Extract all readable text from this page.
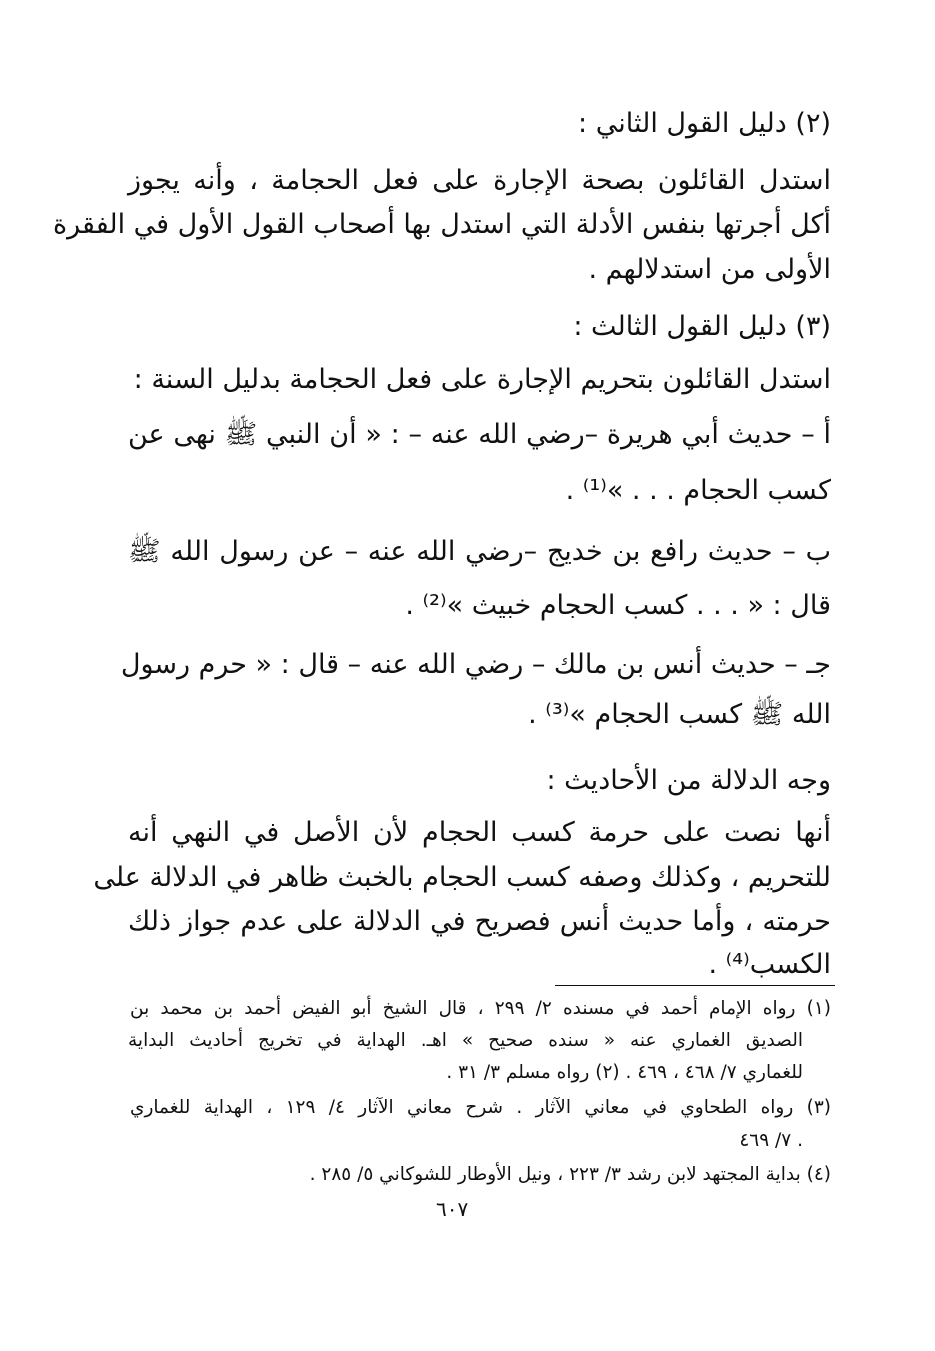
(٢) دليل القول الثاني :
استدل القائلون بصحة الإجارة على فعل الحجامة ، وأنه يجوز
أكل أجرتها بنفس الأدلة التي استدل بها أصحاب القول الأول في الفقرة
الأولى من استدلالهم .
(٣) دليل القول الثالث :
استدل القائلون بتحريم الإجارة على فعل الحجامة بدليل السنة :
أ – حديث أبي هريرة –رضي الله عنه – : « أن النبي ﷺ نهى عن
كسب الحجام . . . »⁽¹⁾ .
ب – حديث رافع بن خديج –رضي الله عنه – عن رسول الله ﷺ
قال : « . . . كسب الحجام خبيث »⁽²⁾ .
جـ – حديث أنس بن مالك – رضي الله عنه – قال : « حرم رسول
الله ﷺ كسب الحجام »⁽³⁾ .
وجه الدلالة من الأحاديث :
أنها نصت على حرمة كسب الحجام لأن الأصل في النهي أنه
للتحريم ، وكذلك وصفه كسب الحجام بالخبث ظاهر في الدلالة على
حرمته ، وأما حديث أنس فصريح في الدلالة على عدم جواز ذلك
الكسب⁽⁴⁾ .
(١) رواه الإمام أحمد في مسنده ٢/ ٢٩٩ ، قال الشيخ أبو الفيض أحمد بن محمد بن
الصديق الغماري عنه « سنده صحيح » اهـ. الهداية في تخريج أحاديث البداية
للغماري ٧/ ٤٦٨ ، ٤٦٩ . (٢) رواه مسلم ٣/ ٣١ .
(٣) رواه الطحاوي في معاني الآثار . شرح معاني الآثار ٤/ ١٢٩ ، الهداية للغماري
٧/ ٤٦٩ .
(٤) بداية المجتهد لابن رشد ٣/ ٢٢٣ ، ونيل الأوطار للشوكاني ٥/ ٢٨٥ .
٦٠٧
